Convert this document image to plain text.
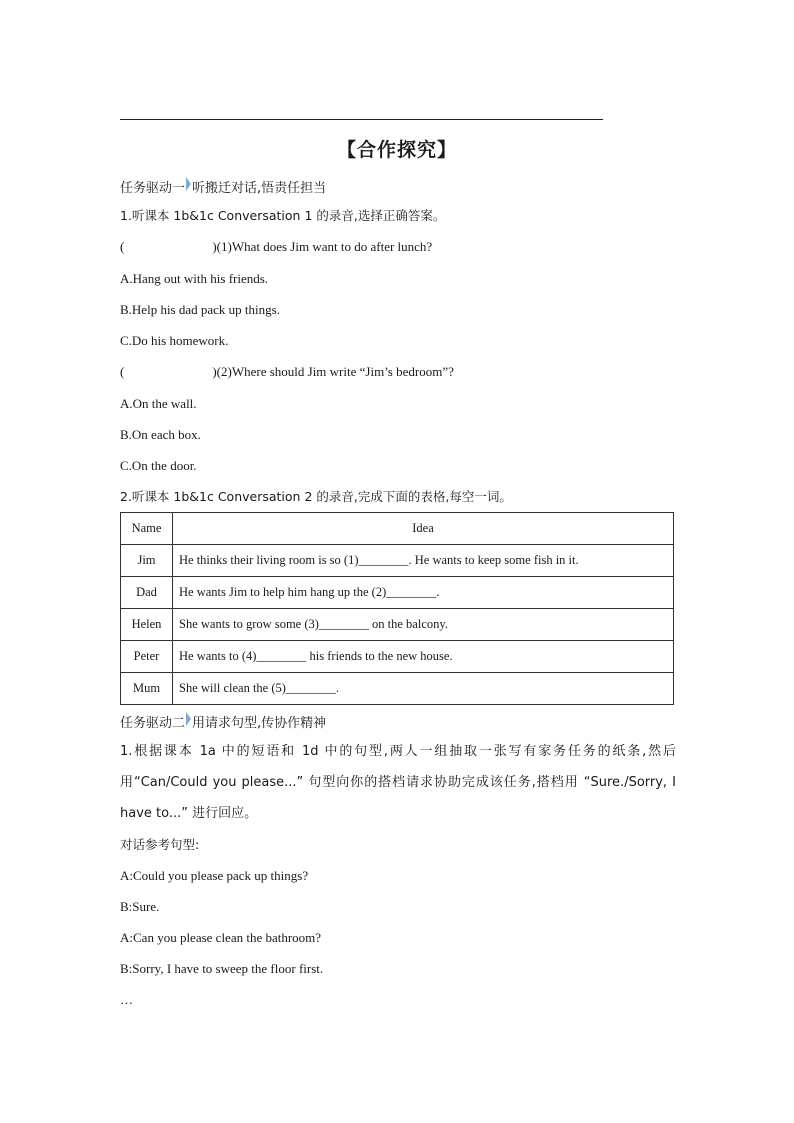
【合作探究】
任务驱动一 听搬迁对话,悟责任担当
1.听课本 1b&1c Conversation 1 的录音,选择正确答案。
(	)(1)What does Jim want to do after lunch?
A.Hang out with his friends.
B.Help his dad pack up things.
C.Do his homework.
(	)(2)Where should Jim write “Jim’s bedroom”?
A.On the wall.
B.On each box.
C.On the door.
2.听课本 1b&1c Conversation 2 的录音,完成下面的表格,每空一词。
Name	Idea
Jim	He thinks their living room is so (1)________. He wants to keep some fish in it.
Dad	He wants Jim to help him hang up the (2)________.
Helen	She wants to grow some (3)________ on the balcony.
Peter	He wants to (4)________ his friends to the new house.
Mum	She will clean the (5)________.
任务驱动二 用请求句型,传协作精神
1.根据课本 1a 中的短语和 1d 中的句型,两人一组抽取一张写有家务任务的纸条,然后用“Can/Could you please...” 句型向你的搭档请求协助完成该任务,搭档用 “Sure./Sorry, I have to...” 进行回应。
对话参考句型:
A:Could you please pack up things?
B:Sure.
A:Can you please clean the bathroom?
B:Sorry, I have to sweep the floor first.
…
